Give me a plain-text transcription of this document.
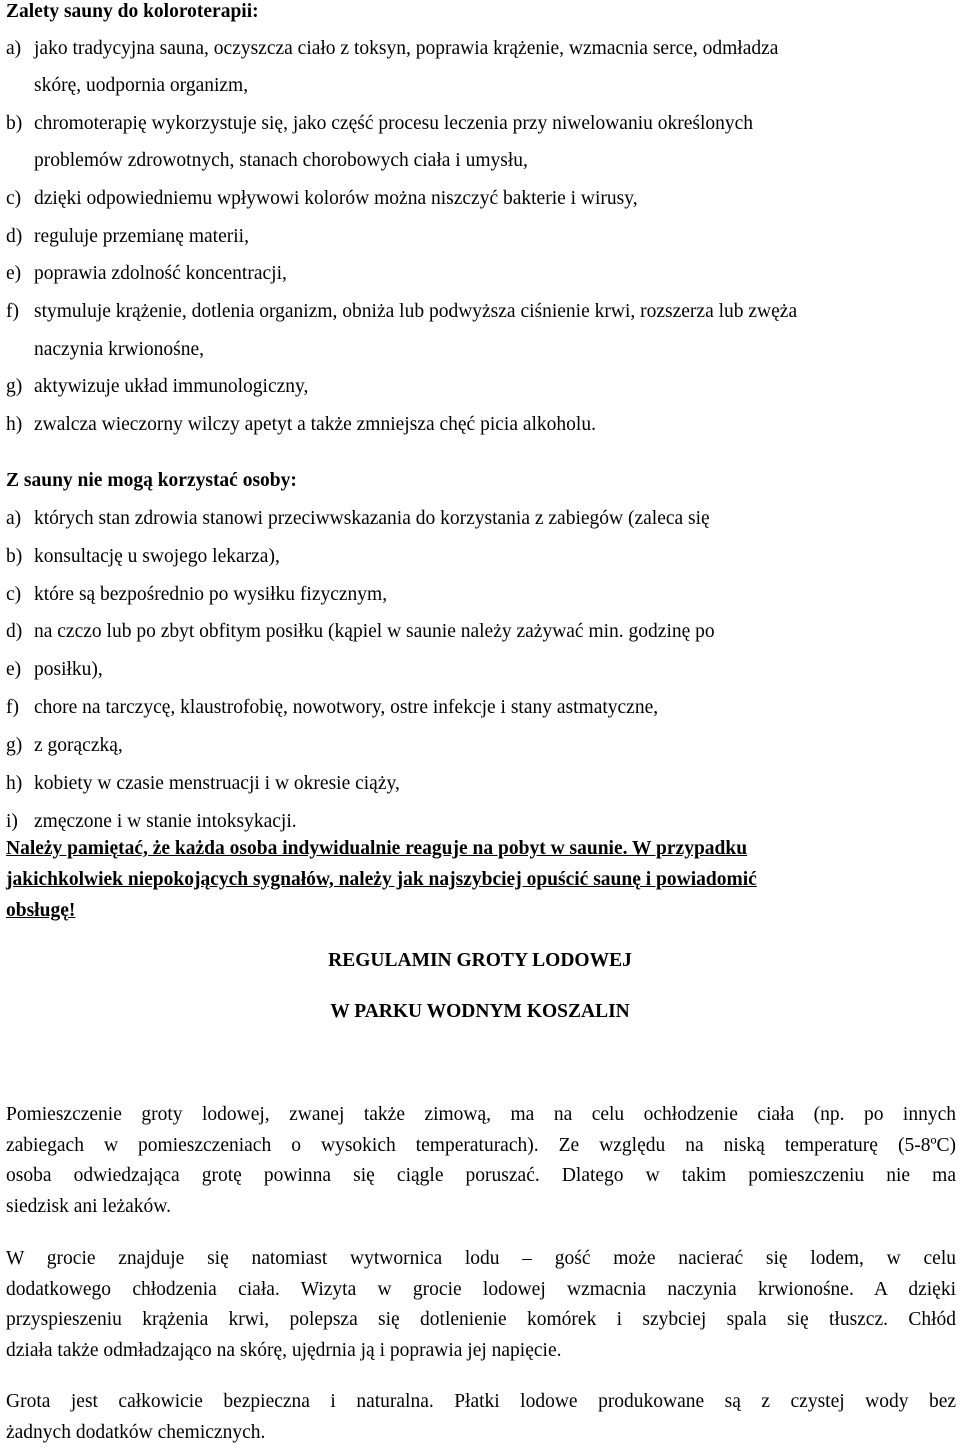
Zalety sauny do koloroterapii:
a) jako tradycyjna sauna, oczyszcza ciało z toksyn, poprawia krążenie, wzmacnia serce, odmładza
skórę, uodpornia organizm,
b) chromoterapię wykorzystuje się, jako część procesu leczenia przy niwelowaniu określonych
problemów zdrowotnych, stanach chorobowych ciała i umysłu,
c) dzięki odpowiedniemu wpływowi kolorów można niszczyć bakterie i wirusy,
d) reguluje przemianę materii,
e) poprawia zdolność koncentracji,
f) stymuluje krążenie, dotlenia organizm, obniża lub podwyższa ciśnienie krwi, rozszerza lub zwęża
naczynia krwionośne,
g) aktywizuje układ immunologiczny,
h) zwalcza wieczorny wilczy apetyt a także zmniejsza chęć picia alkoholu.
Z sauny nie mogą korzystać osoby:
a) których stan zdrowia stanowi przeciwwskazania do korzystania z zabiegów (zaleca się
b) konsultację u swojego lekarza),
c) które są bezpośrednio po wysiłku fizycznym,
d) na czczo lub po zbyt obfitym posiłku (kąpiel w saunie należy zażywać min. godzinę po
e) posiłku),
f) chore na tarczycę, klaustrofobię, nowotwory, ostre infekcje i stany astmatyczne,
g) z gorączką,
h) kobiety w czasie menstruacji i w okresie ciąży,
i) zmęczone i w stanie intoksykacji.
Należy pamiętać, że każda osoba indywidualnie reaguje na pobyt w saunie. W przypadku
jakichkolwiek niepokojących sygnałów, należy jak najszybciej opuścić saunę i powiadomić
obsługę!
REGULAMIN GROTY LODOWEJ
W PARKU WODNYM KOSZALIN
Pomieszczenie groty lodowej, zwanej także zimową, ma na celu ochłodzenie ciała (np. po innych
zabiegach w pomieszczeniach o wysokich temperaturach). Ze względu na niską temperaturę (5-8ºC)
osoba odwiedzająca grotę powinna się ciągle poruszać. Dlatego w takim pomieszczeniu nie ma
siedzisk ani leżaków.
W grocie znajduje się natomiast wytwornica lodu – gość może nacierać się lodem, w celu
dodatkowego chłodzenia ciała. Wizyta w grocie lodowej wzmacnia naczynia krwionośne. A dzięki
przyspieszeniu krążenia krwi, polepsza się dotlenienie komórek i szybciej spala się tłuszcz. Chłód
działa także odmładzająco na skórę, ujędrnia ją i poprawia jej napięcie.
Grota jest całkowicie bezpieczna i naturalna. Płatki lodowe produkowane są z czystej wody bez
żadnych dodatków chemicznych.
